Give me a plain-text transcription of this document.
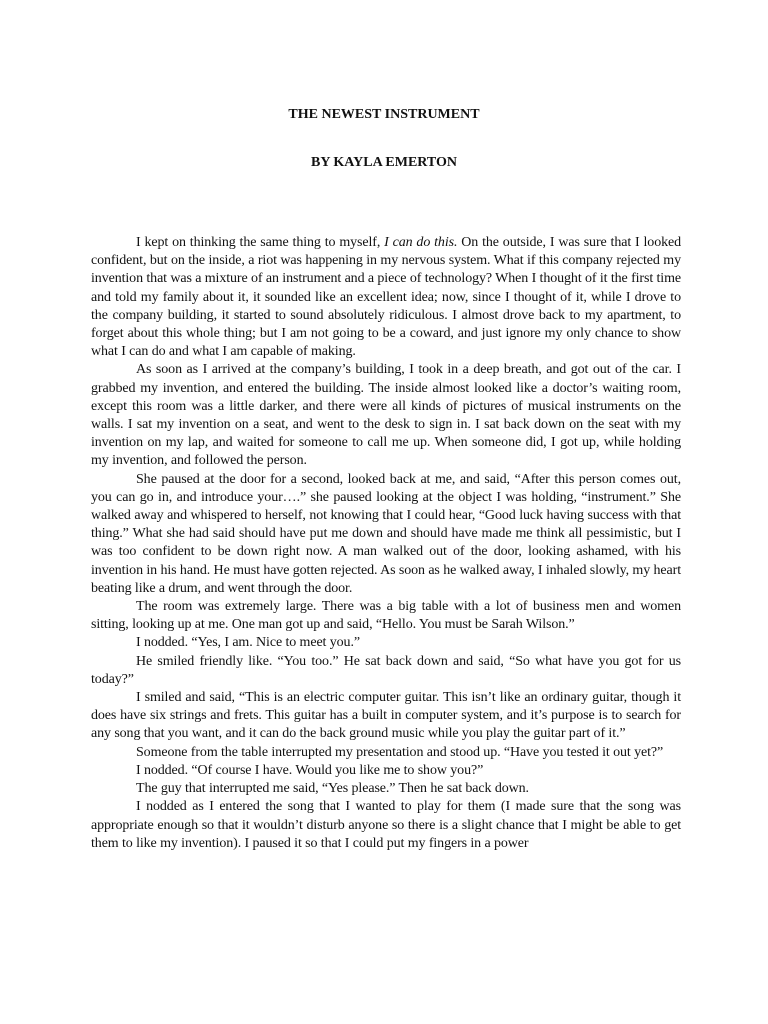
THE NEWEST INSTRUMENT
BY KAYLA EMERTON

I kept on thinking the same thing to myself, I can do this. On the outside, I was sure that I looked confident, but on the inside, a riot was happening in my nervous system. What if this company rejected my invention that was a mixture of an instrument and a piece of technology? When I thought of it the first time and told my family about it, it sounded like an excellent idea; now, since I thought of it, while I drove to the company building, it started to sound absolutely ridiculous. I almost drove back to my apartment, to forget about this whole thing; but I am not going to be a coward, and just ignore my only chance to show what I can do and what I am capable of making.

As soon as I arrived at the company’s building, I took in a deep breath, and got out of the car. I grabbed my invention, and entered the building. The inside almost looked like a doctor’s waiting room, except this room was a little darker, and there were all kinds of pictures of musical instruments on the walls. I sat my invention on a seat, and went to the desk to sign in. I sat back down on the seat with my invention on my lap, and waited for someone to call me up. When someone did, I got up, while holding my invention, and followed the person.

She paused at the door for a second, looked back at me, and said, “After this person comes out, you can go in, and introduce your….” she paused looking at the object I was holding, “instrument.” She walked away and whispered to herself, not knowing that I could hear, “Good luck having success with that thing.” What she had said should have put me down and should have made me think all pessimistic, but I was too confident to be down right now. A man walked out of the door, looking ashamed, with his invention in his hand. He must have gotten rejected. As soon as he walked away, I inhaled slowly, my heart beating like a drum, and went through the door.

The room was extremely large. There was a big table with a lot of business men and women sitting, looking up at me. One man got up and said, “Hello. You must be Sarah Wilson.”

I nodded. “Yes, I am. Nice to meet you.”

He smiled friendly like. “You too.” He sat back down and said, “So what have you got for us today?”

I smiled and said, “This is an electric computer guitar. This isn’t like an ordinary guitar, though it does have six strings and frets. This guitar has a built in computer system, and it’s purpose is to search for any song that you want, and it can do the back ground music while you play the guitar part of it.”

Someone from the table interrupted my presentation and stood up. “Have you tested it out yet?”

I nodded. “Of course I have. Would you like me to show you?”

The guy that interrupted me said, “Yes please.” Then he sat back down.

I nodded as I entered the song that I wanted to play for them (I made sure that the song was appropriate enough so that it wouldn’t disturb anyone so there is a slight chance that I might be able to get them to like my invention). I paused it so that I could put my fingers in a power
